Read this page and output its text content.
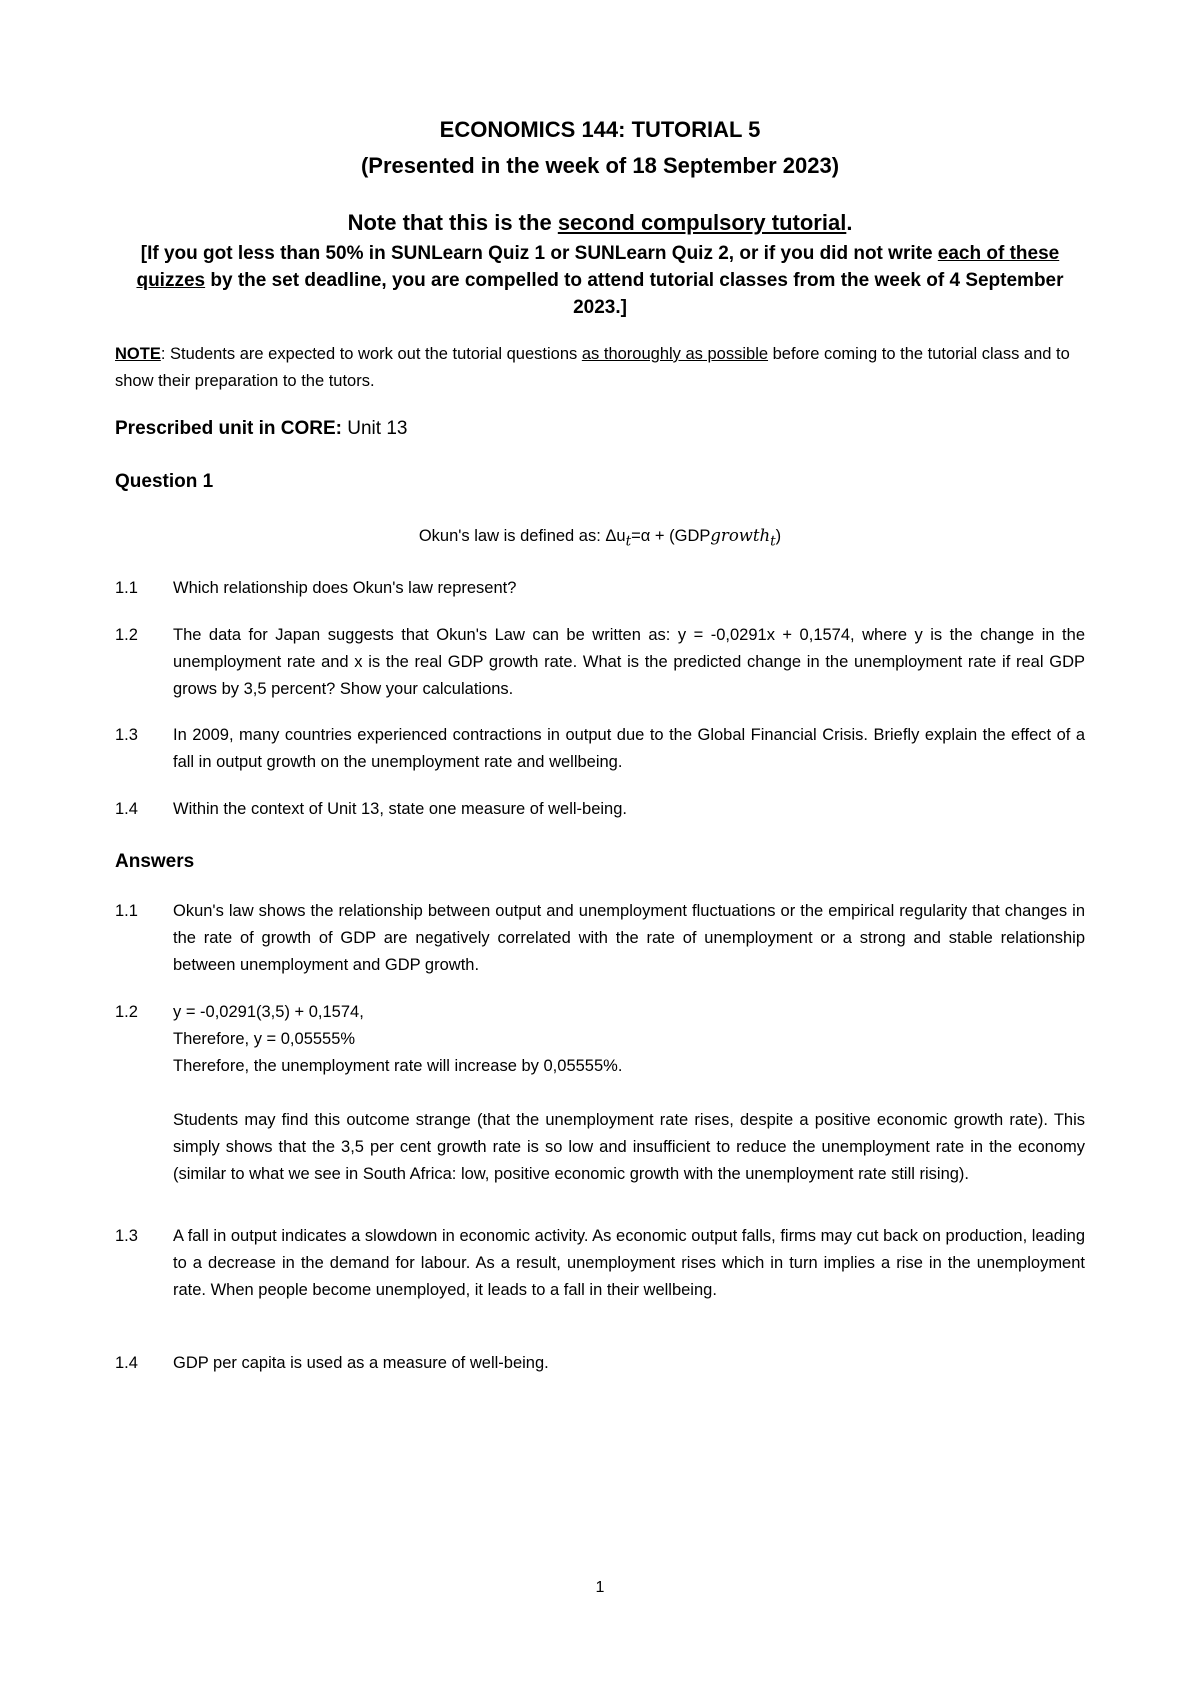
ECONOMICS 144: TUTORIAL 5
(Presented in the week of 18 September 2023)
Note that this is the second compulsory tutorial.
[If you got less than 50% in SUNLearn Quiz 1 or SUNLearn Quiz 2, or if you did not write each of these quizzes by the set deadline, you are compelled to attend tutorial classes from the week of 4 September 2023.]
NOTE: Students are expected to work out the tutorial questions as thoroughly as possible before coming to the tutorial class and to show their preparation to the tutors.
Prescribed unit in CORE: Unit 13
Question 1
Okun's law is defined as: $\Delta u_t=\alpha$ + (GDPgrowth$_t$)
1.1	Which relationship does Okun's law represent?
1.2	The data for Japan suggests that Okun's Law can be written as: y = -0,0291x + 0,1574, where y is the change in the unemployment rate and x is the real GDP growth rate. What is the predicted change in the unemployment rate if real GDP grows by 3,5 percent? Show your calculations.
1.3	In 2009, many countries experienced contractions in output due to the Global Financial Crisis. Briefly explain the effect of a fall in output growth on the unemployment rate and wellbeing.
1.4	Within the context of Unit 13, state one measure of well-being.
Answers
1.1	Okun's law shows the relationship between output and unemployment fluctuations or the empirical regularity that changes in the rate of growth of GDP are negatively correlated with the rate of unemployment or a strong and stable relationship between unemployment and GDP growth.
1.2	y = -0,0291(3,5) + 0,1574,

Therefore, y = 0,05555%

Therefore, the unemployment rate will increase by 0,05555%.

Students may find this outcome strange (that the unemployment rate rises, despite a positive economic growth rate). This simply shows that the 3,5 per cent growth rate is so low and insufficient to reduce the unemployment rate in the economy (similar to what we see in South Africa: low, positive economic growth with the unemployment rate still rising).

1.3	A fall in output indicates a slowdown in economic activity. As economic output falls, firms may cut back on production, leading to a decrease in the demand for labour. As a result, unemployment rises which in turn implies a rise in the unemployment rate. When people become unemployed, it leads to a fall in their wellbeing.
1.4	GDP per capita is used as a measure of well-being.
1
